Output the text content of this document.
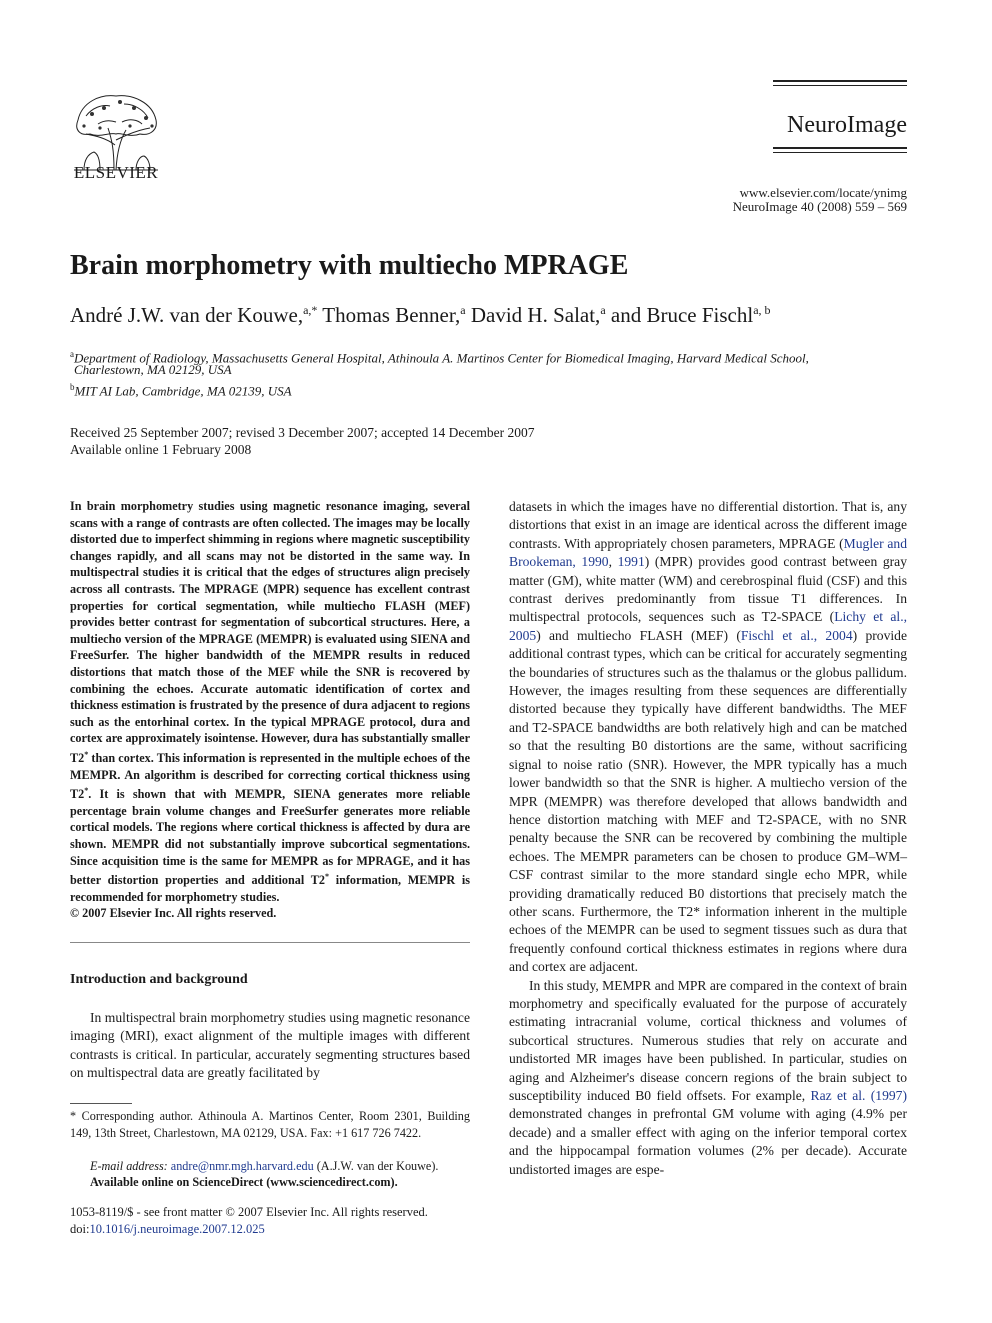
ELSEVIER
NeuroImage
www.elsevier.com/locate/ynimg
NeuroImage 40 (2008) 559 – 569
Brain morphometry with multiecho MPRAGE
André J.W. van der Kouwe,$^{a,*}$ Thomas Benner,$^a$ David H. Salat,$^a$ and Bruce Fischl$^{a, b}$
$^a$Department of Radiology, Massachusetts General Hospital, Athinoula A. Martinos Center for Biomedical Imaging, Harvard Medical School,
Charlestown, MA 02129, USA
$^b$MIT AI Lab, Cambridge, MA 02139, USA
Received 25 September 2007; revised 3 December 2007; accepted 14 December 2007
Available online 1 February 2008
In brain morphometry studies using magnetic resonance imaging, several scans with a range of contrasts are often collected. The images may be locally distorted due to imperfect shimming in regions where magnetic susceptibility changes rapidly, and all scans may not be distorted in the same way. In multispectral studies it is critical that the edges of structures align precisely across all contrasts. The MPRAGE (MPR) sequence has excellent contrast properties for cortical segmentation, while multiecho FLASH (MEF) provides better contrast for segmentation of subcortical structures. Here, a multiecho version of the MPRAGE (MEMPR) is evaluated using SIENA and FreeSurfer. The higher bandwidth of the MEMPR results in reduced distortions that match those of the MEF while the SNR is recovered by combining the echoes. Accurate automatic identification of cortex and thickness estimation is frustrated by the presence of dura adjacent to regions such as the entorhinal cortex. In the typical MPRAGE protocol, dura and cortex are approximately isointense. However, dura has substantially smaller T2* than cortex. This information is represented in the multiple echoes of the MEMPR. An algorithm is described for correcting cortical thickness using T2*. It is shown that with MEMPR, SIENA generates more reliable percentage brain volume changes and FreeSurfer generates more reliable cortical models. The regions where cortical thickness is affected by dura are shown. MEMPR did not substantially improve subcortical segmentations. Since acquisition time is the same for MEMPR as for MPRAGE, and it has better distortion properties and additional T2* information, MEMPR is recommended for morphometry studies.
© 2007 Elsevier Inc. All rights reserved.
Introduction and background

In multispectral brain morphometry studies using magnetic resonance imaging (MRI), exact alignment of the multiple images with different contrasts is critical. In particular, accurately segmenting structures based on multispectral data are greatly facilitated by

* Corresponding author. Athinoula A. Martinos Center, Room 2301, Building 149, 13th Street, Charlestown, MA 02129, USA. Fax: +1 617 726 7422.
E-mail address: andre@nmr.mgh.harvard.edu (A.J.W. van der Kouwe).
Available online on ScienceDirect (www.sciencedirect.com).
1053-8119/$ - see front matter © 2007 Elsevier Inc. All rights reserved.
doi:10.1016/j.neuroimage.2007.12.025

datasets in which the images have no differential distortion. That is, any distortions that exist in an image are identical across the different image contrasts. With appropriately chosen parameters, MPRAGE (Mugler and Brookeman, 1990, 1991) (MPR) provides good contrast between gray matter (GM), white matter (WM) and cerebrospinal fluid (CSF) and this contrast derives predominantly from tissue T1 differences. In multispectral protocols, sequences such as T2-SPACE (Lichy et al., 2005) and multiecho FLASH (MEF) (Fischl et al., 2004) provide additional contrast types, which can be critical for accurately segmenting the boundaries of structures such as the thalamus or the globus pallidum. However, the images resulting from these sequences are differentially distorted because they typically have different bandwidths. The MEF and T2-SPACE bandwidths are both relatively high and can be matched so that the resulting B0 distortions are the same, without sacrificing signal to noise ratio (SNR). However, the MPR typically has a much lower bandwidth so that the SNR is higher. A multiecho version of the MPR (MEMPR) was therefore developed that allows bandwidth and hence distortion matching with MEF and T2-SPACE, with no SNR penalty because the SNR can be recovered by combining the multiple echoes. The MEMPR parameters can be chosen to produce GM–WM–CSF contrast similar to the more standard single echo MPR, while providing dramatically reduced B0 distortions that precisely match the other scans. Furthermore, the T2* information inherent in the multiple echoes of the MEMPR can be used to segment tissues such as dura that frequently confound cortical thickness estimates in regions where dura and cortex are adjacent.

In this study, MEMPR and MPR are compared in the context of brain morphometry and specifically evaluated for the purpose of accurately estimating intracranial volume, cortical thickness and volumes of subcortical structures. Numerous studies that rely on accurate and undistorted MR images have been published. In particular, studies on aging and Alzheimer's disease concern regions of the brain subject to susceptibility induced B0 field offsets. For example, Raz et al. (1997) demonstrated changes in prefrontal GM volume with aging (4.9% per decade) and a smaller effect with aging on the inferior temporal cortex and the hippocampal formation volumes (2% per decade). Accurate undistorted images are espe-
